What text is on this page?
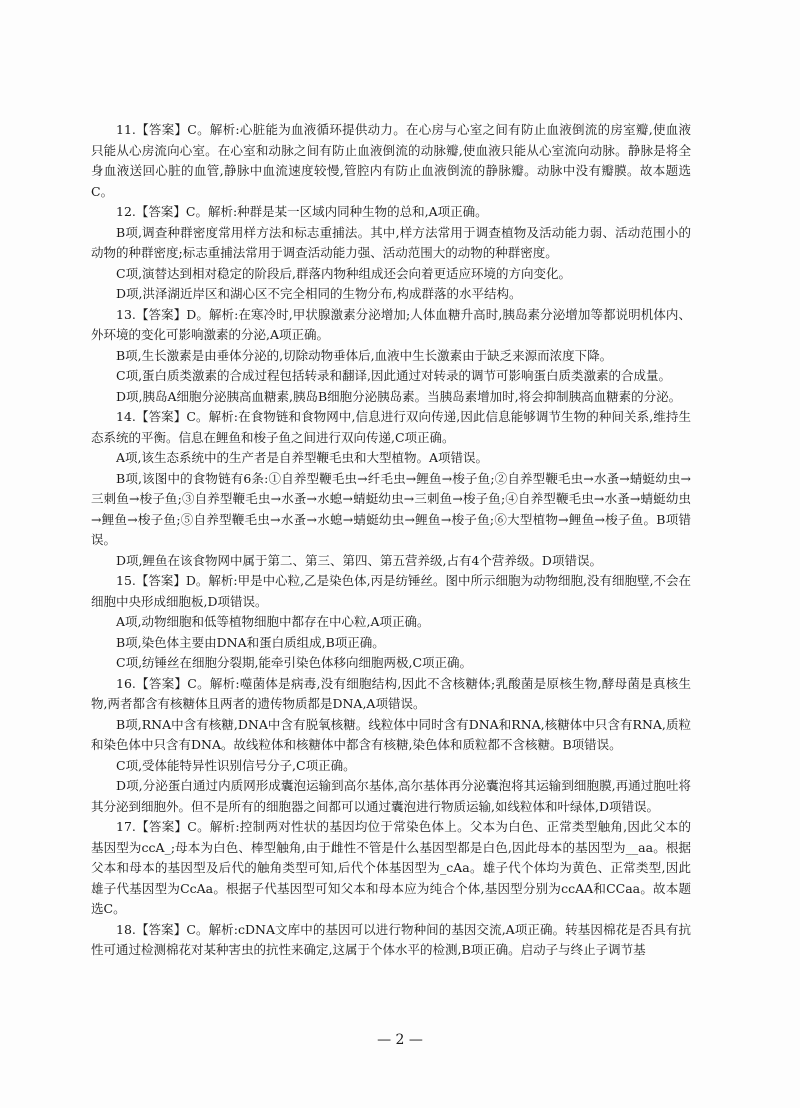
11.【答案】C。解析:心脏能为血液循环提供动力。在心房与心室之间有防止血液倒流的房室瓣,使血液只能从心房流向心室。在心室和动脉之间有防止血液倒流的动脉瓣,使血液只能从心室流向动脉。静脉是将全身血液送回心脏的血管,静脉中血流速度较慢,管腔内有防止血液倒流的静脉瓣。动脉中没有瓣膜。故本题选C。

12.【答案】C。解析:种群是某一区域内同种生物的总和,A项正确。

B项,调查种群密度常用样方法和标志重捕法。其中,样方法常用于调查植物及活动能力弱、活动范围小的动物的种群密度;标志重捕法常用于调查活动能力强、活动范围大的动物的种群密度。

C项,演替达到相对稳定的阶段后,群落内物种组成还会向着更适应环境的方向变化。

D项,洪泽湖近岸区和湖心区不完全相同的生物分布,构成群落的水平结构。

13.【答案】D。解析:在寒冷时,甲状腺激素分泌增加;人体血糖升高时,胰岛素分泌增加等都说明机体内、外环境的变化可影响激素的分泌,A项正确。

B项,生长激素是由垂体分泌的,切除动物垂体后,血液中生长激素由于缺乏来源而浓度下降。

C项,蛋白质类激素的合成过程包括转录和翻译,因此通过对转录的调节可影响蛋白质类激素的合成量。

D项,胰岛A细胞分泌胰高血糖素,胰岛B细胞分泌胰岛素。当胰岛素增加时,将会抑制胰高血糖素的分泌。

14.【答案】C。解析:在食物链和食物网中,信息进行双向传递,因此信息能够调节生物的种间关系,维持生态系统的平衡。信息在鲤鱼和梭子鱼之间进行双向传递,C项正确。

A项,该生态系统中的生产者是自养型鞭毛虫和大型植物。A项错误。

B项,该图中的食物链有6条:①自养型鞭毛虫→纤毛虫→鲤鱼→梭子鱼;②自养型鞭毛虫→水蚤→蜻蜓幼虫→三刺鱼→梭子鱼;③自养型鞭毛虫→水蚤→水螅→蜻蜓幼虫→三刺鱼→梭子鱼;④自养型鞭毛虫→水蚤→蜻蜓幼虫→鲤鱼→梭子鱼;⑤自养型鞭毛虫→水蚤→水螅→蜻蜓幼虫→鲤鱼→梭子鱼;⑥大型植物→鲤鱼→梭子鱼。B项错误。

D项,鲤鱼在该食物网中属于第二、第三、第四、第五营养级,占有4个营养级。D项错误。

15.【答案】D。解析:甲是中心粒,乙是染色体,丙是纺锤丝。图中所示细胞为动物细胞,没有细胞壁,不会在细胞中央形成细胞板,D项错误。

A项,动物细胞和低等植物细胞中都存在中心粒,A项正确。

B项,染色体主要由DNA和蛋白质组成,B项正确。

C项,纺锤丝在细胞分裂期,能牵引染色体移向细胞两极,C项正确。

16.【答案】C。解析:噬菌体是病毒,没有细胞结构,因此不含核糖体;乳酸菌是原核生物,酵母菌是真核生物,两者都含有核糖体且两者的遗传物质都是DNA,A项错误。

B项,RNA中含有核糖,DNA中含有脱氧核糖。线粒体中同时含有DNA和RNA,核糖体中只含有RNA,质粒和染色体中只含有DNA。故线粒体和核糖体中都含有核糖,染色体和质粒都不含核糖。B项错误。

C项,受体能特异性识别信号分子,C项正确。

D项,分泌蛋白通过内质网形成囊泡运输到高尔基体,高尔基体再分泌囊泡将其运输到细胞膜,再通过胞吐将其分泌到细胞外。但不是所有的细胞器之间都可以通过囊泡进行物质运输,如线粒体和叶绿体,D项错误。

17.【答案】C。解析:控制两对性状的基因均位于常染色体上。父本为白色、正常类型触角,因此父本的基因型为ccA_;母本为白色、棒型触角,由于雌性不管是什么基因型都是白色,因此母本的基因型为__aa。根据父本和母本的基因型及后代的触角类型可知,后代个体基因型为_cAa。雄子代个体均为黄色、正常类型,因此雄子代基因型为CcAa。根据子代基因型可知父本和母本应为纯合个体,基因型分别为ccAA和CCaa。故本题选C。

18.【答案】C。解析:cDNA文库中的基因可以进行物种间的基因交流,A项正确。转基因棉花是否具有抗性可通过检测棉花对某种害虫的抗性来确定,这属于个体水平的检测,B项正确。启动子与终止子调节基

— 2 —
